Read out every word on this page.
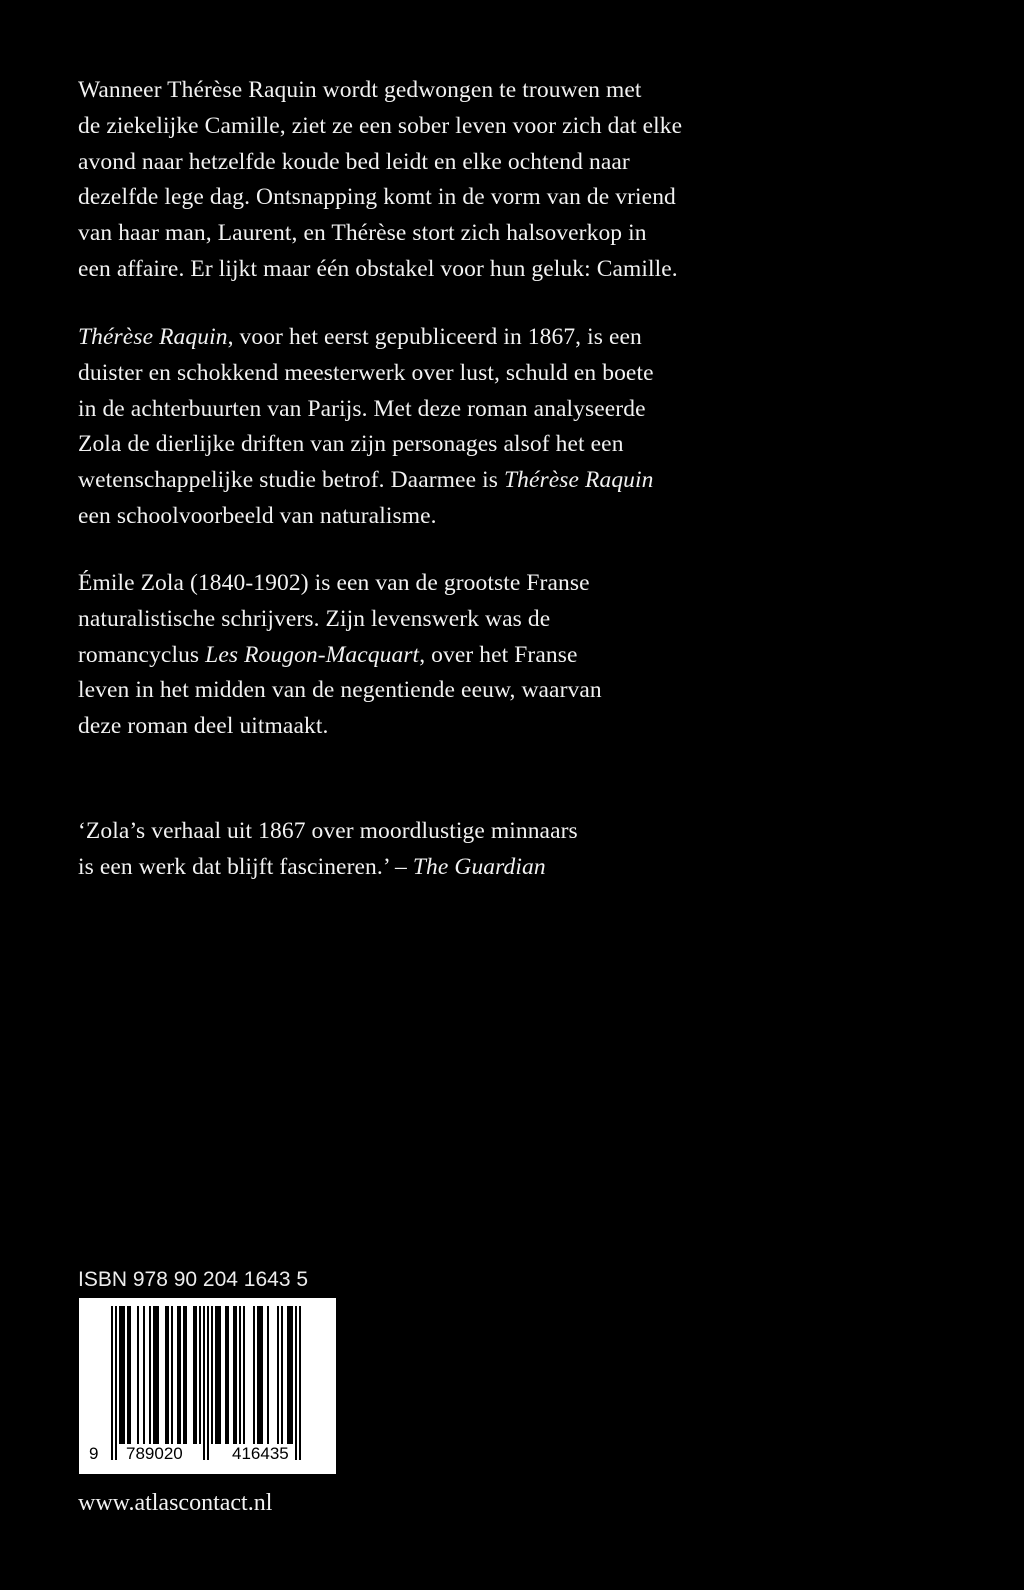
Wanneer Thérèse Raquin wordt gedwongen te trouwen met
de ziekelijke Camille, ziet ze een sober leven voor zich dat elke
avond naar hetzelfde koude bed leidt en elke ochtend naar
dezelfde lege dag. Ontsnapping komt in de vorm van de vriend
van haar man, Laurent, en Thérèse stort zich halsoverkop in
een affaire. Er lijkt maar één obstakel voor hun geluk: Camille.
Thérèse Raquin, voor het eerst gepubliceerd in 1867, is een
duister en schokkend meesterwerk over lust, schuld en boete
in de achterbuurten van Parijs. Met deze roman analyseerde
Zola de dierlijke driften van zijn personages alsof het een
wetenschappelijke studie betrof. Daarmee is Thérèse Raquin
een schoolvoorbeeld van naturalisme.
Émile Zola (1840-1902) is een van de grootste Franse
naturalistische schrijvers. Zijn levenswerk was de
romancyclus Les Rougon-Macquart, over het Franse
leven in het midden van de negentiende eeuw, waarvan
deze roman deel uitmaakt.
‘Zola’s verhaal uit 1867 over moordlustige minnaars
is een werk dat blijft fascineren.’ – The Guardian
ISBN 978 90 204 1643 5
9 789020	416435
www.atlascontact.nl
